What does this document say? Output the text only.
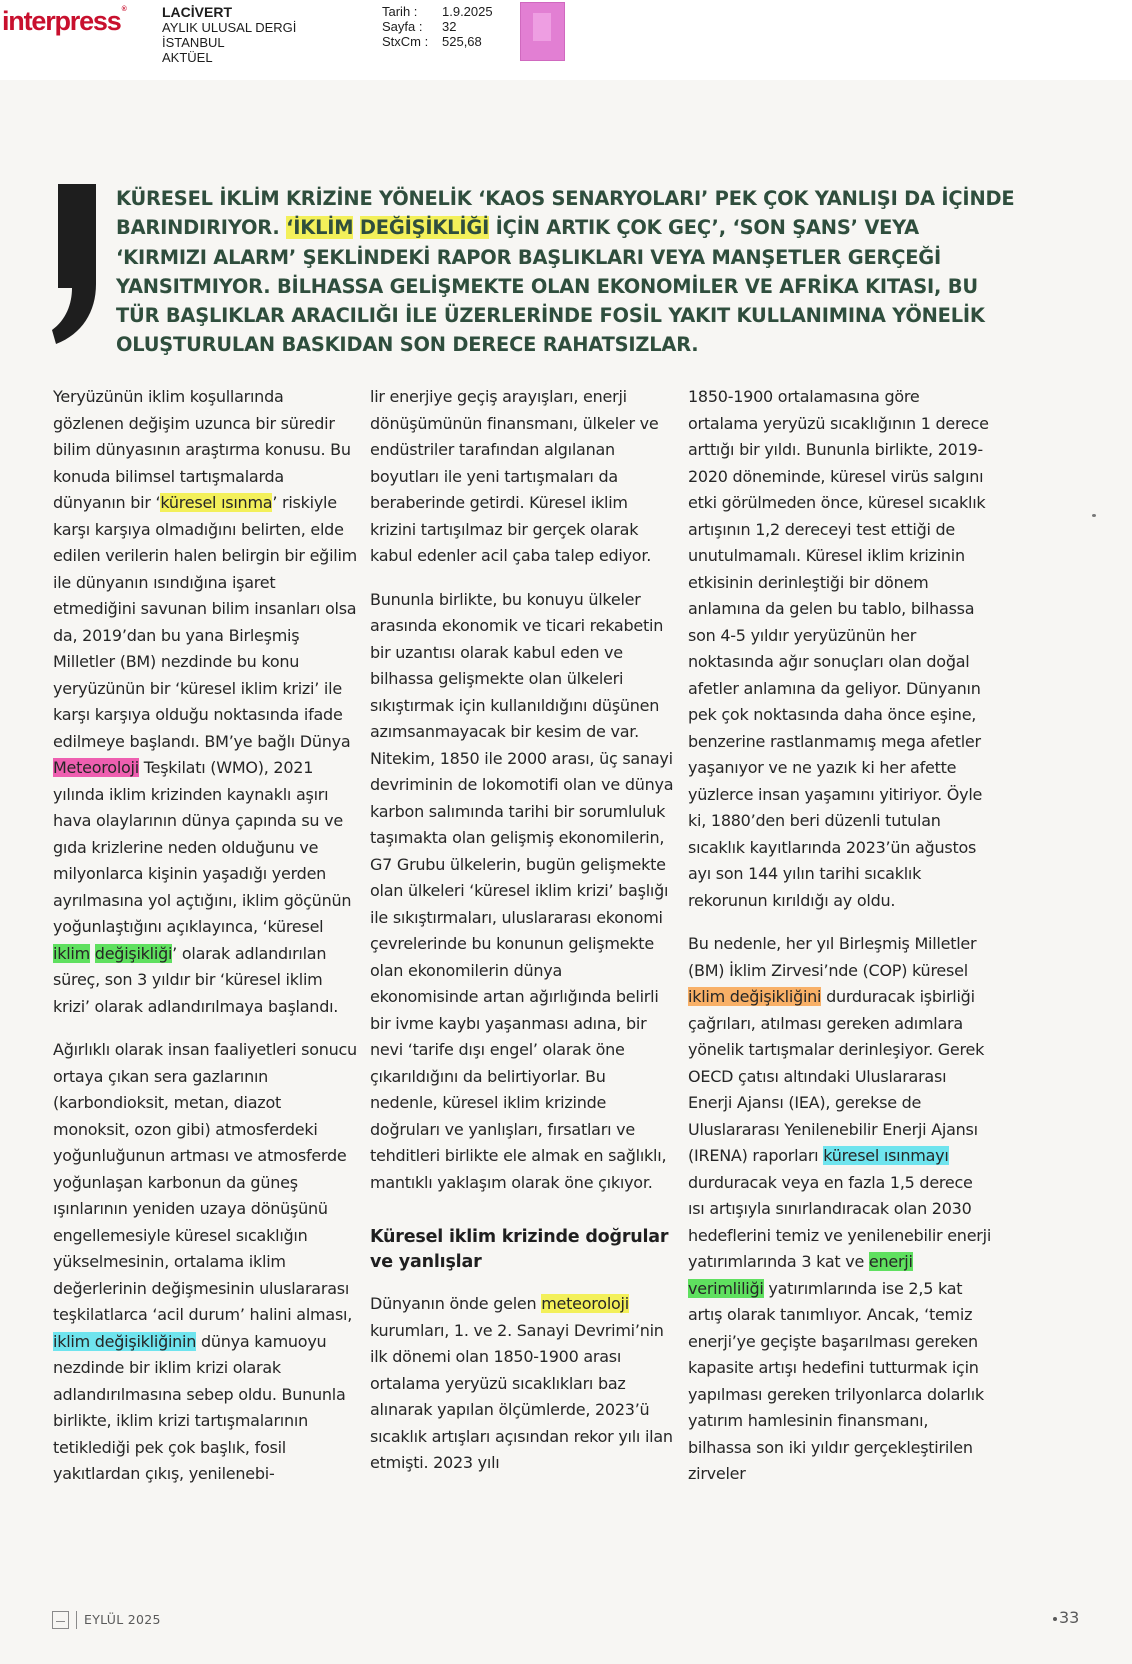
interpress®	LACİVERT
AYLIK ULUSAL DERGİ
İSTANBUL
AKTÜEL
Tarih :	1.9.2025
Sayfa :	32
StxCm :	525,68
KÜRESEL İKLİM KRİZİNE YÖNELİK ‘KAOS SENARYOLARI’ PEK ÇOK YANLIŞI DA İÇİNDE BARINDIRIYOR. ‘İKLİM DEĞİŞİKLİĞİ İÇİN ARTIK ÇOK GEÇ’, ‘SON ŞANS’ VEYA ‘KIRMIZI ALARM’ ŞEKLİNDEKİ RAPOR BAŞLIKLARI VEYA MANŞETLER GERÇEĞİ YANSITMIYOR. BİLHASSA GELİŞMEKTE OLAN EKONOMİLER VE AFRİKA KITASI, BU TÜR BAŞLIKLAR ARACILIĞI İLE ÜZERLERİNDE FOSİL YAKIT KULLANIMINA YÖNELİK OLUŞTURULAN BASKIDAN SON DERECE RAHATSIZLAR.

Yeryüzünün iklim koşullarında gözlenen değişim uzunca bir süredir bilim dünyasının araştırma konusu. Bu konuda bilimsel tartışmalarda dünyanın bir ‘küresel ısınma’ riskiyle karşı karşıya olmadığını belirten, elde edilen verilerin halen belirgin bir eğilim ile dünyanın ısındığına işaret etmediğini savunan bilim insanları olsa da, 2019’dan bu yana Birleşmiş Milletler (BM) nezdinde bu konu yeryüzünün bir ‘küresel iklim krizi’ ile karşı karşıya olduğu noktasında ifade edilmeye başlandı. BM’ye bağlı Dünya Meteoroloji Teşkilatı (WMO), 2021 yılında iklim krizinden kaynaklı aşırı hava olaylarının dünya çapında su ve gıda krizlerine neden olduğunu ve milyonlarca kişinin yaşadığı yerden ayrılmasına yol açtığını, iklim göçünün yoğunlaştığını açıklayınca, ‘küresel iklim değişikliği’ olarak adlandırılan süreç, son 3 yıldır bir ‘küresel iklim krizi’ olarak adlandırılmaya başlandı.

Ağırlıklı olarak insan faaliyetleri sonucu ortaya çıkan sera gazlarının (karbondioksit, metan, diazot monoksit, ozon gibi) atmosferdeki yoğunluğunun artması ve atmosferde yoğunlaşan karbonun da güneş ışınlarının yeniden uzaya dönüşünü engellemesiyle küresel sıcaklığın yükselmesinin, ortalama iklim değerlerinin değişmesinin uluslararası teşkilatlarca ‘acil durum’ halini alması, iklim değişikliğinin dünya kamuoyu nezdinde bir iklim krizi olarak adlandırılmasına sebep oldu. Bununla birlikte, iklim krizi tartışmalarının tetiklediği pek çok başlık, fosil yakıtlardan çıkış, yenilenebi-

lir enerjiye geçiş arayışları, enerji dönüşümünün finansmanı, ülkeler ve endüstriler tarafından algılanan boyutları ile yeni tartışmaları da beraberinde getirdi. Küresel iklim krizini tartışılmaz bir gerçek olarak kabul edenler acil çaba talep ediyor.

Bununla birlikte, bu konuyu ülkeler arasında ekonomik ve ticari rekabetin bir uzantısı olarak kabul eden ve bilhassa gelişmekte olan ülkeleri sıkıştırmak için kullanıldığını düşünen azımsanmayacak bir kesim de var. Nitekim, 1850 ile 2000 arası, üç sanayi devriminin de lokomotifi olan ve dünya karbon salımında tarihi bir sorumluluk taşımakta olan gelişmiş ekonomilerin, G7 Grubu ülkelerin, bugün gelişmekte olan ülkeleri ‘küresel iklim krizi’ başlığı ile sıkıştırmaları, uluslararası ekonomi çevrelerinde bu konunun gelişmekte olan ekonomilerin dünya ekonomisinde artan ağırlığında belirli bir ivme kaybı yaşanması adına, bir nevi ‘tarife dışı engel’ olarak öne çıkarıldığını da belirtiyorlar. Bu nedenle, küresel iklim krizinde doğruları ve yanlışları, fırsatları ve tehditleri birlikte ele almak en sağlıklı, mantıklı yaklaşım olarak öne çıkıyor.

Küresel iklim krizinde doğrular ve yanlışlar

Dünyanın önde gelen meteoroloji kurumları, 1. ve 2. Sanayi Devrimi’nin ilk dönemi olan 1850-1900 arası ortalama yeryüzü sıcaklıkları baz alınarak yapılan ölçümlerde, 2023’ü sıcaklık artışları açısından rekor yılı ilan etmişti. 2023 yılı

1850-1900 ortalamasına göre ortalama yeryüzü sıcaklığının 1 derece arttığı bir yıldı. Bununla birlikte, 2019-2020 döneminde, küresel virüs salgını etki görülmeden önce, küresel sıcaklık artışının 1,2 dereceyi test ettiği de unutulmamalı. Küresel iklim krizinin etkisinin derinleştiği bir dönem anlamına da gelen bu tablo, bilhassa son 4-5 yıldır yeryüzünün her noktasında ağır sonuçları olan doğal afetler anlamına da geliyor. Dünyanın pek çok noktasında daha önce eşine, benzerine rastlanmamış mega afetler yaşanıyor ve ne yazık ki her afette yüzlerce insan yaşamını yitiriyor. Öyle ki, 1880’den beri düzenli tutulan sıcaklık kayıtlarında 2023’ün ağustos ayı son 144 yılın tarihi sıcaklık rekorunun kırıldığı ay oldu.

Bu nedenle, her yıl Birleşmiş Milletler (BM) İklim Zirvesi’nde (COP) küresel iklim değişikliğini durduracak işbirliği çağrıları, atılması gereken adımlara yönelik tartışmalar derinleşiyor. Gerek OECD çatısı altındaki Uluslararası Enerji Ajansı (IEA), gerekse de Uluslararası Yenilenebilir Enerji Ajansı (IRENA) raporları küresel ısınmayı durduracak veya en fazla 1,5 derece ısı artışıyla sınırlandıracak olan 2030 hedeflerini temiz ve yenilenebilir enerji yatırımlarında 3 kat ve enerji verimliliği yatırımlarında ise 2,5 kat artış olarak tanımlıyor. Ancak, ‘temiz enerji’ye geçişte başarılması gereken kapasite artışı hedefini tutturmak için yapılması gereken trilyonlarca dolarlık yatırım hamlesinin finansmanı, bilhassa son iki yıldır gerçekleştirilen zirveler

EYLÜL 2025	33
